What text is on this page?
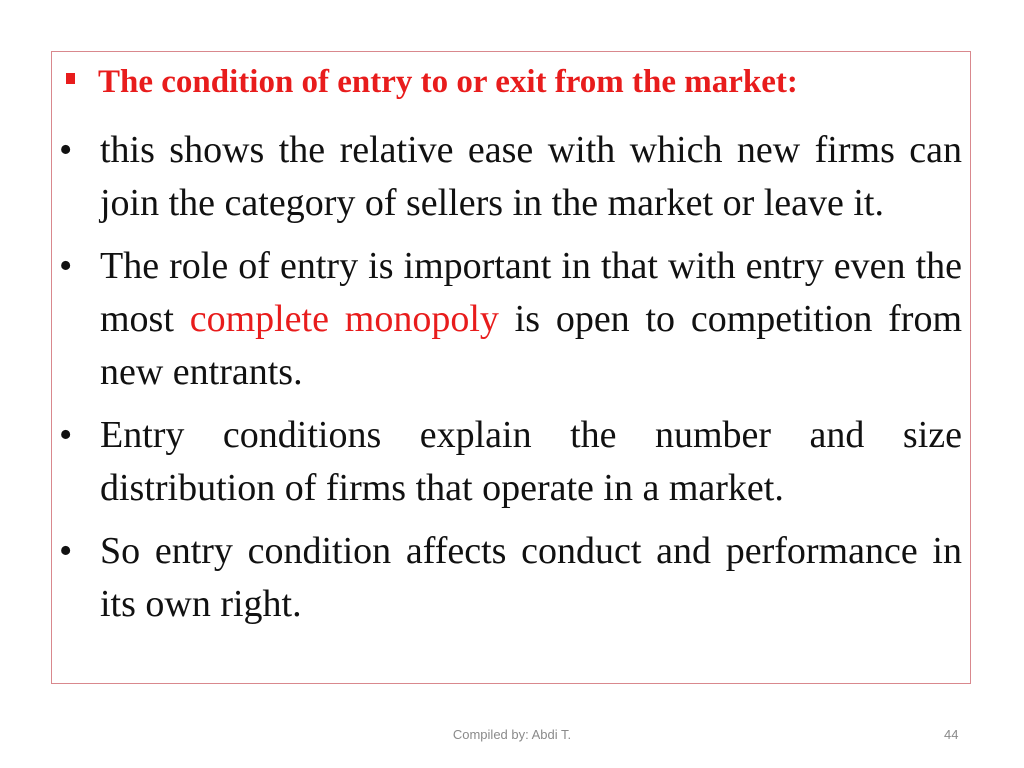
The condition of entry to or exit from the market:
• this shows the relative ease with which new firms can join the category of sellers in the market or leave it.
• The role of entry is important in that with entry even the most complete monopoly is open to competition from new entrants.
• Entry conditions explain the number and size distribution of firms that operate in a market.
• So entry condition affects conduct and performance in its own right.
Compiled by: Abdi T.	44
